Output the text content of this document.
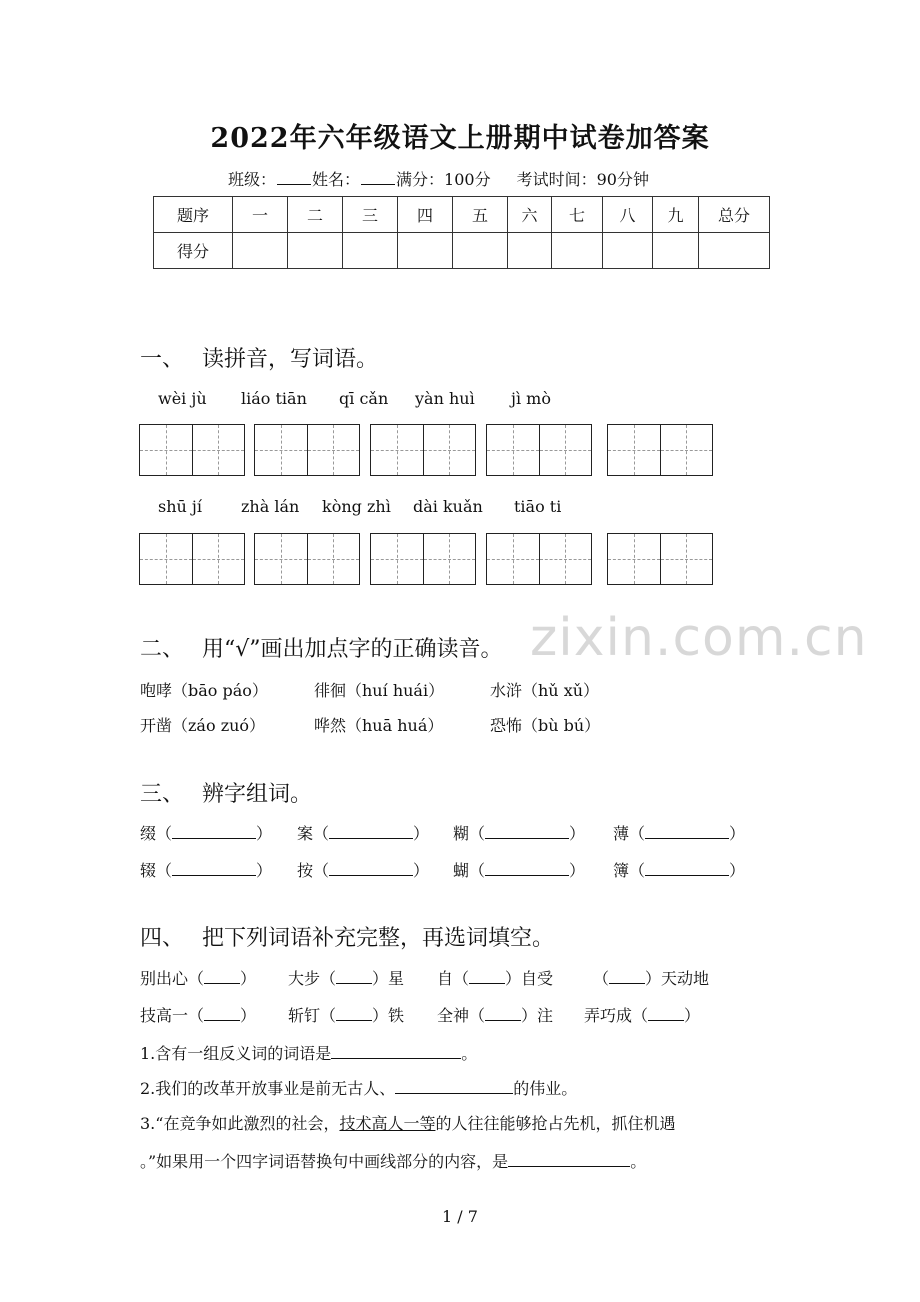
2022年六年级语文上册期中试卷加答案
班级： 姓名： 满分：100分 考试时间：90分钟
题序	一	二	三	四	五	六	七	八	九	总分
得分										
一、 读拼音，写词语。
wèi jù liáo tiān qī cǎn yàn huì jì mò
shū jí zhà lán kòng zhì dài kuǎn tiāo ti
zixin.com.cn
二、 用“√”画出加点字的正确读音。
咆哮（bāo páo）	徘徊（huí huái）	水浒（hǔ xǔ）
开凿（záo zuó）	哗然（huā huá）	恐怖（bù bú）
三、 辨字组词。
缀（	） 案（	） 糊（	） 薄（	）
辍（	） 按（	） 蝴（	） 簿（	）
四、 把下列词语补充完整，再选词填空。
别出心（ ） 大步（ ）星 自（ ）自受 （ ）天动地
技高一（ ） 斩钉（ ）铁 全神（ ）注 弄巧成（ ）
1.含有一组反义词的词语是	。
2.我们的改革开放事业是前无古人、	的伟业。
3.“在竞争如此激烈的社会，技术高人一等的人往往能够抢占先机，抓住机遇
。”如果用一个四字词语替换句中画线部分的内容，是	。
1 / 7
